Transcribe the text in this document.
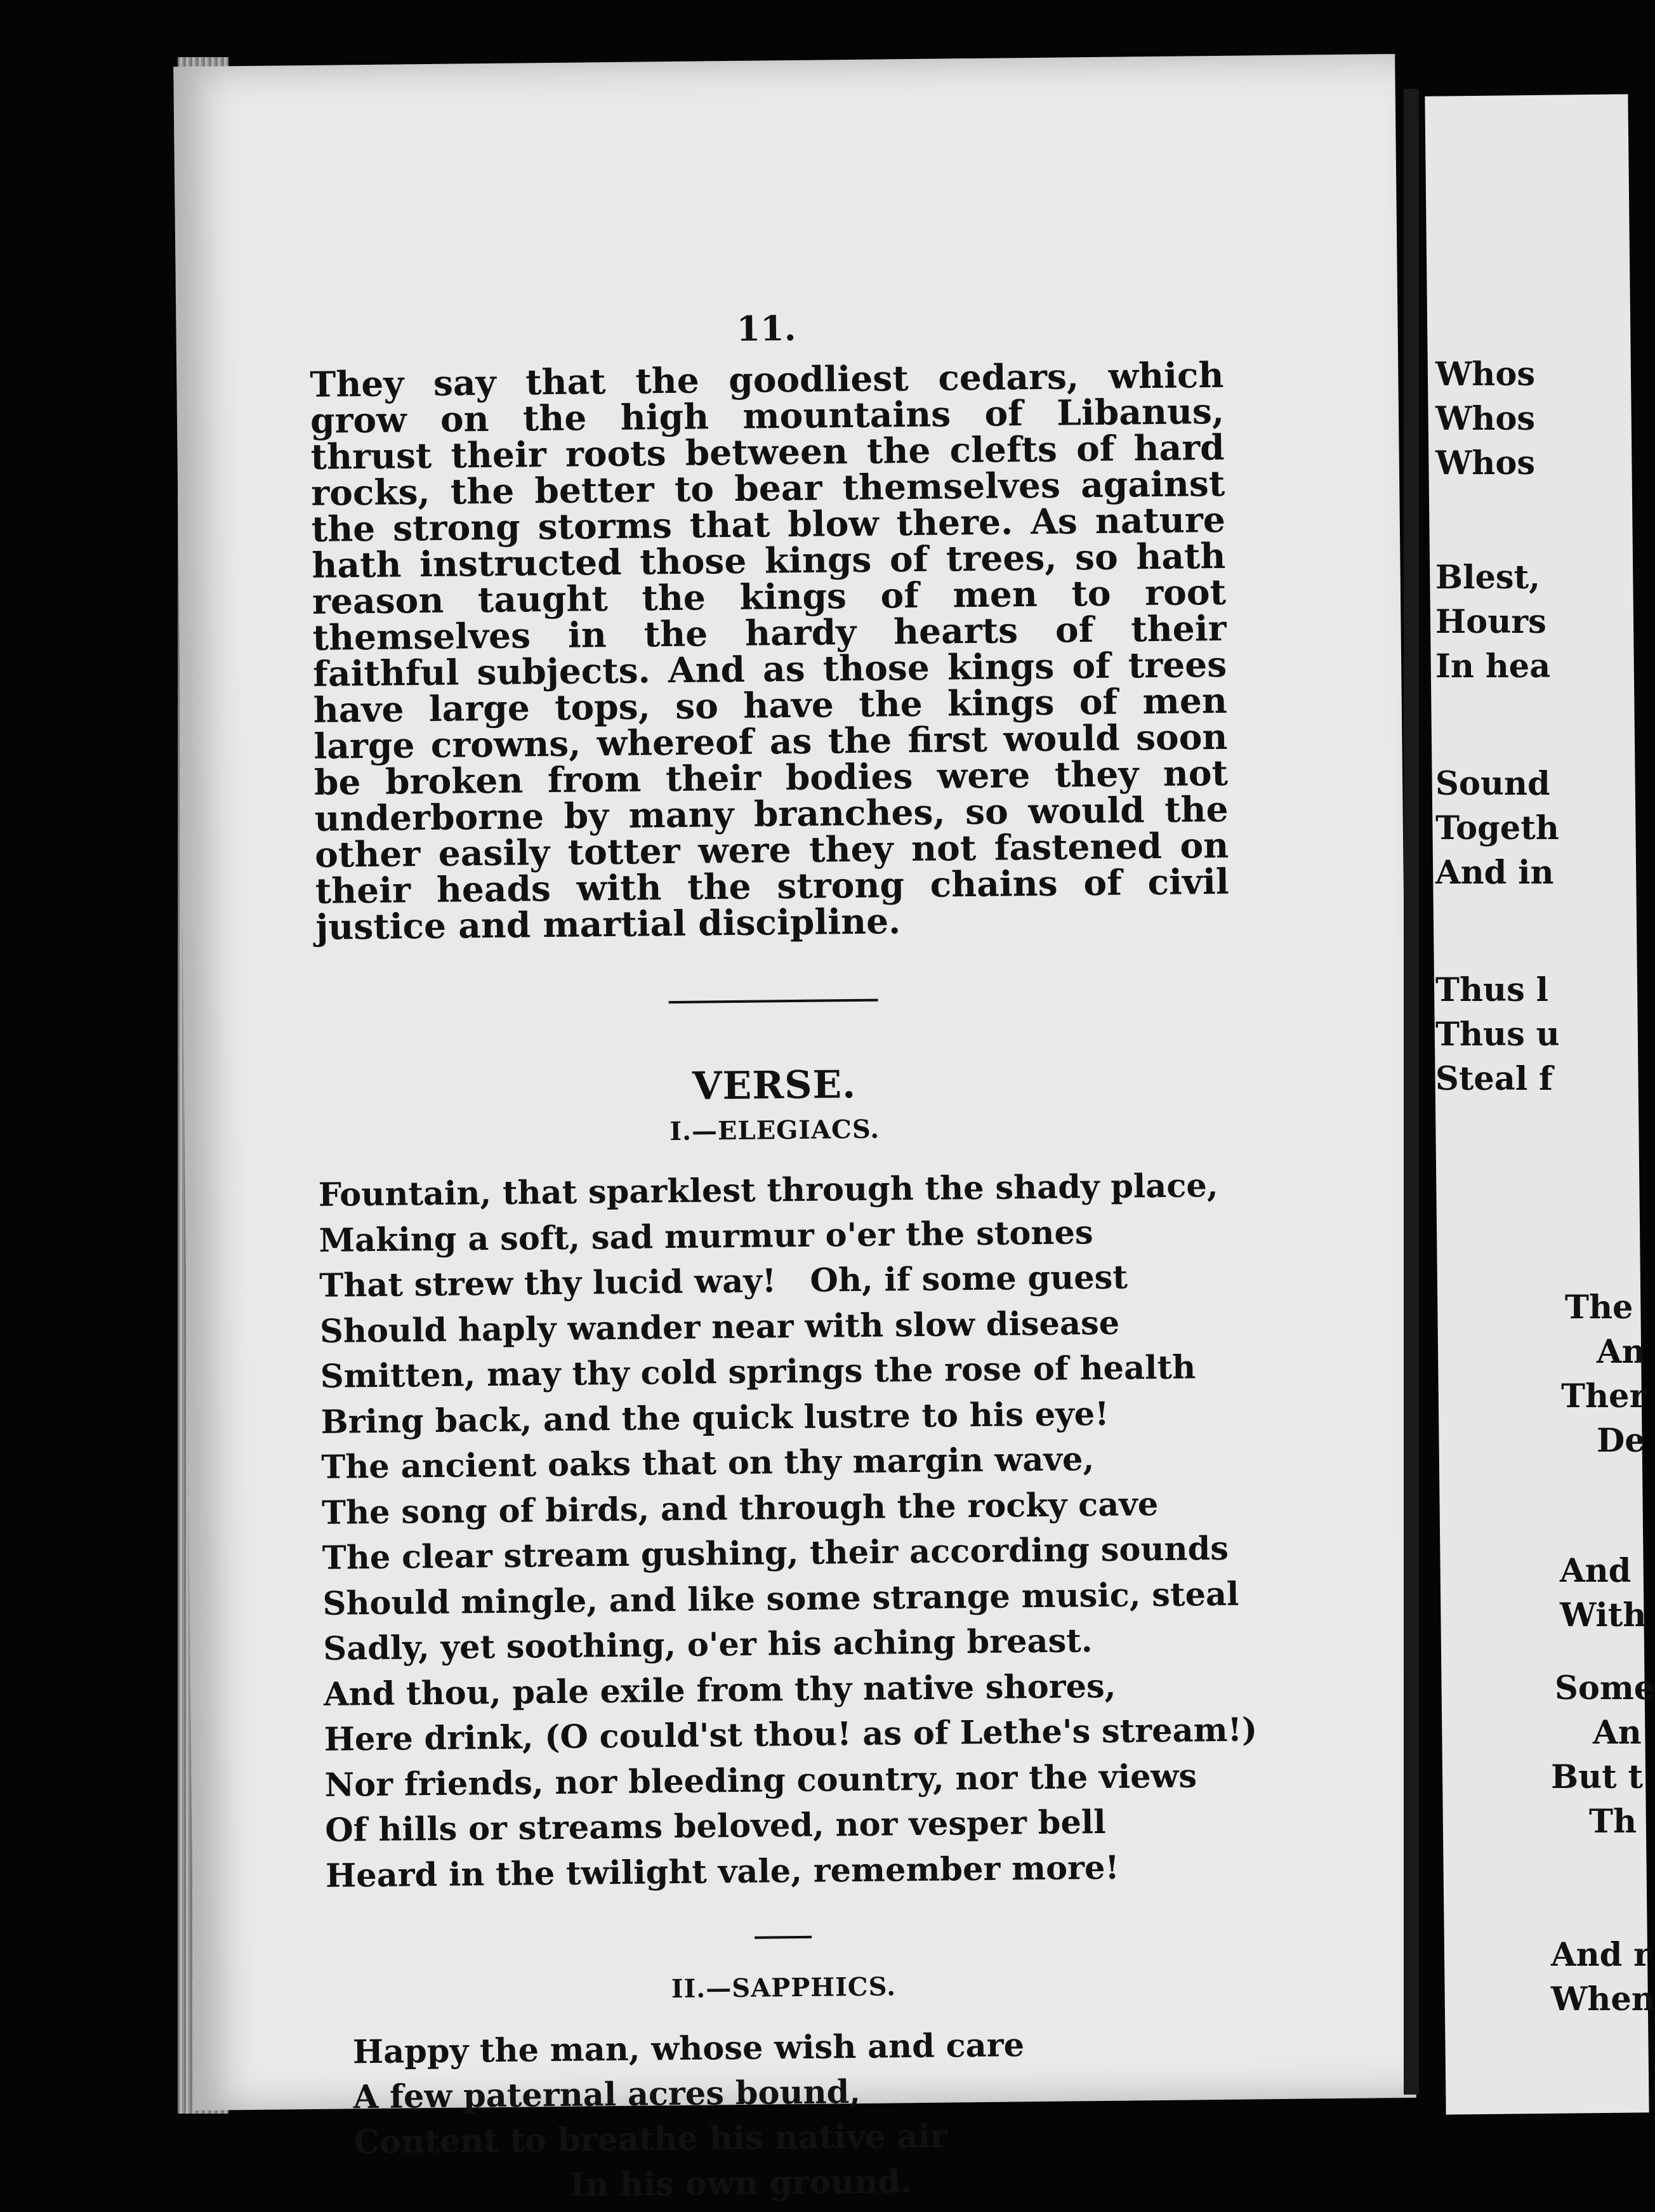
11.

They say that the goodliest cedars, which grow on the high mountains of Libanus, thrust their roots between the clefts of hard rocks, the better to bear themselves against the strong storms that blow there. As nature hath instructed those kings of trees, so hath reason taught the kings of men to root themselves in the hardy hearts of their faithful subjects. And as those kings of trees have large tops, so have the kings of men large crowns, whereof as the first would soon be broken from their bodies were they not underborne by many branches, so would the other easily totter were they not fastened on their heads with the strong chains of civil justice and martial discipline.

VERSE.
I.—ELEGIACS.
Fountain, that sparklest through the shady place,
Making a soft, sad murmur o'er the stones
That strew thy lucid way!   Oh, if some guest
Should haply wander near with slow disease
Smitten, may thy cold springs the rose of health
Bring back, and the quick lustre to his eye!
The ancient oaks that on thy margin wave,
The song of birds, and through the rocky cave
The clear stream gushing, their according sounds
Should mingle, and like some strange music, steal
Sadly, yet soothing, o'er his aching breast.
And thou, pale exile from thy native shores,
Here drink, (O could'st thou! as of Lethe's stream!)
Nor friends, nor bleeding country, nor the views
Of hills or streams beloved, nor vesper bell
Heard in the twilight vale, remember more!
II.—SAPPHICS.
Happy the man, whose wish and care
A few paternal acres bound,
Content to breathe his native air
In his own ground.
Whos
Whos
Whos
Blest,
Hours
In hea
Sound
Togeth
And in
Thus l
Thus u
Steal f
The
An
Ther
De
And
With
Some
An
But t
Th
And r
When
